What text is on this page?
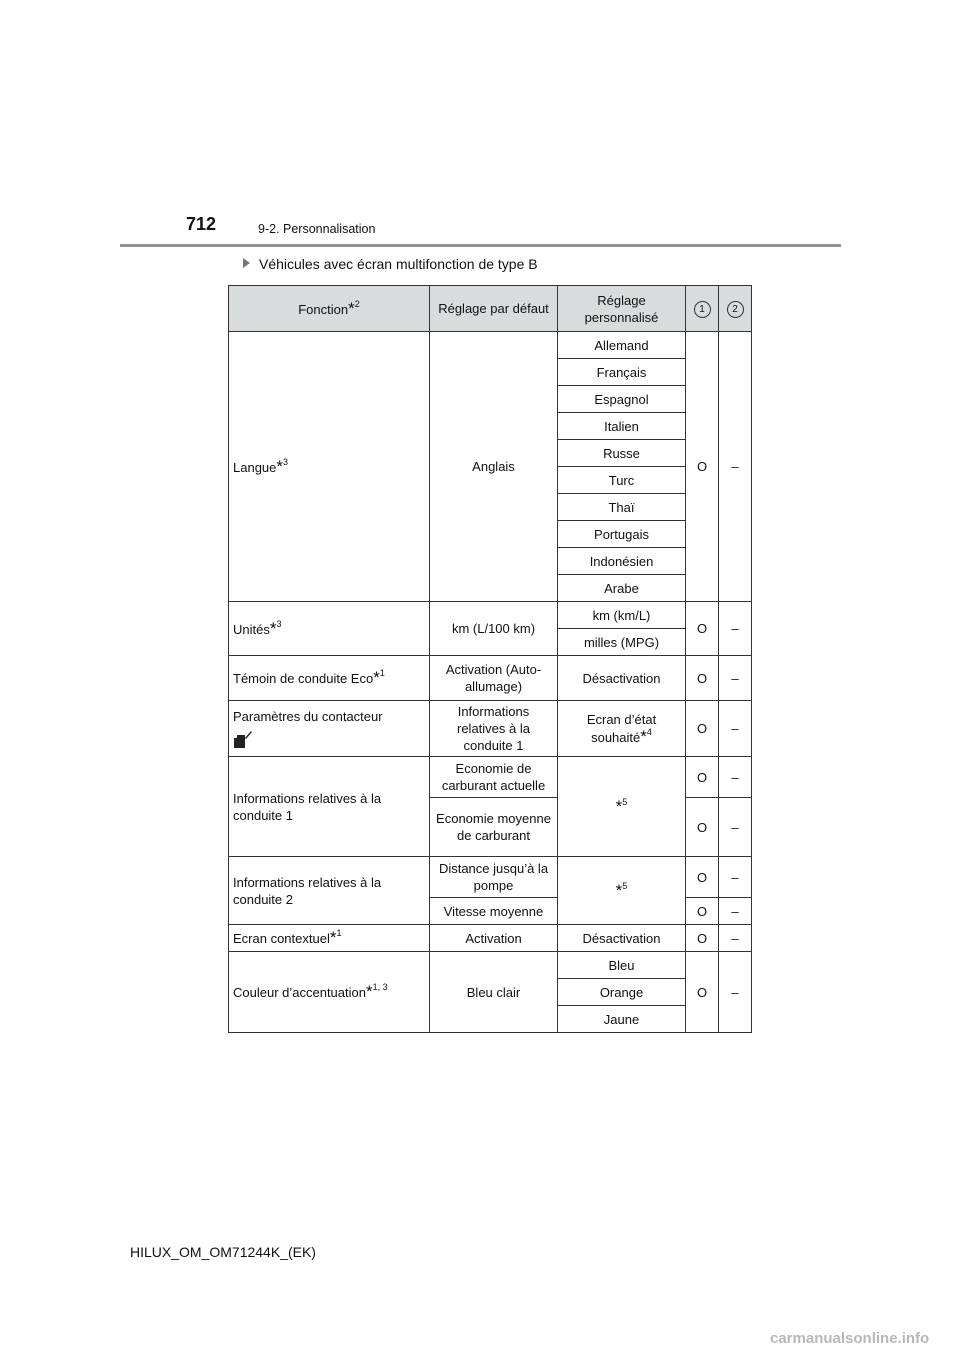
712	9-2. Personnalisation
Véhicules avec écran multifonction de type B
Fonction*$^2$	Réglage par défaut	Réglage personnalisé	1	2
Langue*$^3$	Anglais	Allemand	O	–
		Français		
		Espagnol		
		Italien		
		Russe		
		Turc		
		Thaï		
		Portugais		
		Indonésien		
		Arabe		
Unités*$^3$	km (L/100 km)	km (km/L)	O	–
		milles (MPG)		
Témoin de conduite Eco*$^1$	Activation (Auto-allumage)	Désactivation	O	–
Paramètres du contacteur	Informations relatives à la conduite 1	Ecran d’état souhaité*$^4$	O	–
Informations relatives à la conduite 1	Economie de carburant actuelle	*$^5$	O	–
	Economie moyenne de carburant		O	–
Informations relatives à la conduite 2	Distance jusqu’à la pompe	*$^5$	O	–
	Vitesse moyenne		O	–
Ecran contextuel*$^1$	Activation	Désactivation	O	–
Couleur d’accentuation*$^{1, 3}$	Bleu clair	Bleu	O	–
		Orange		
		Jaune		
HILUX_OM_OM71244K_(EK)
carmanualsonline.info
